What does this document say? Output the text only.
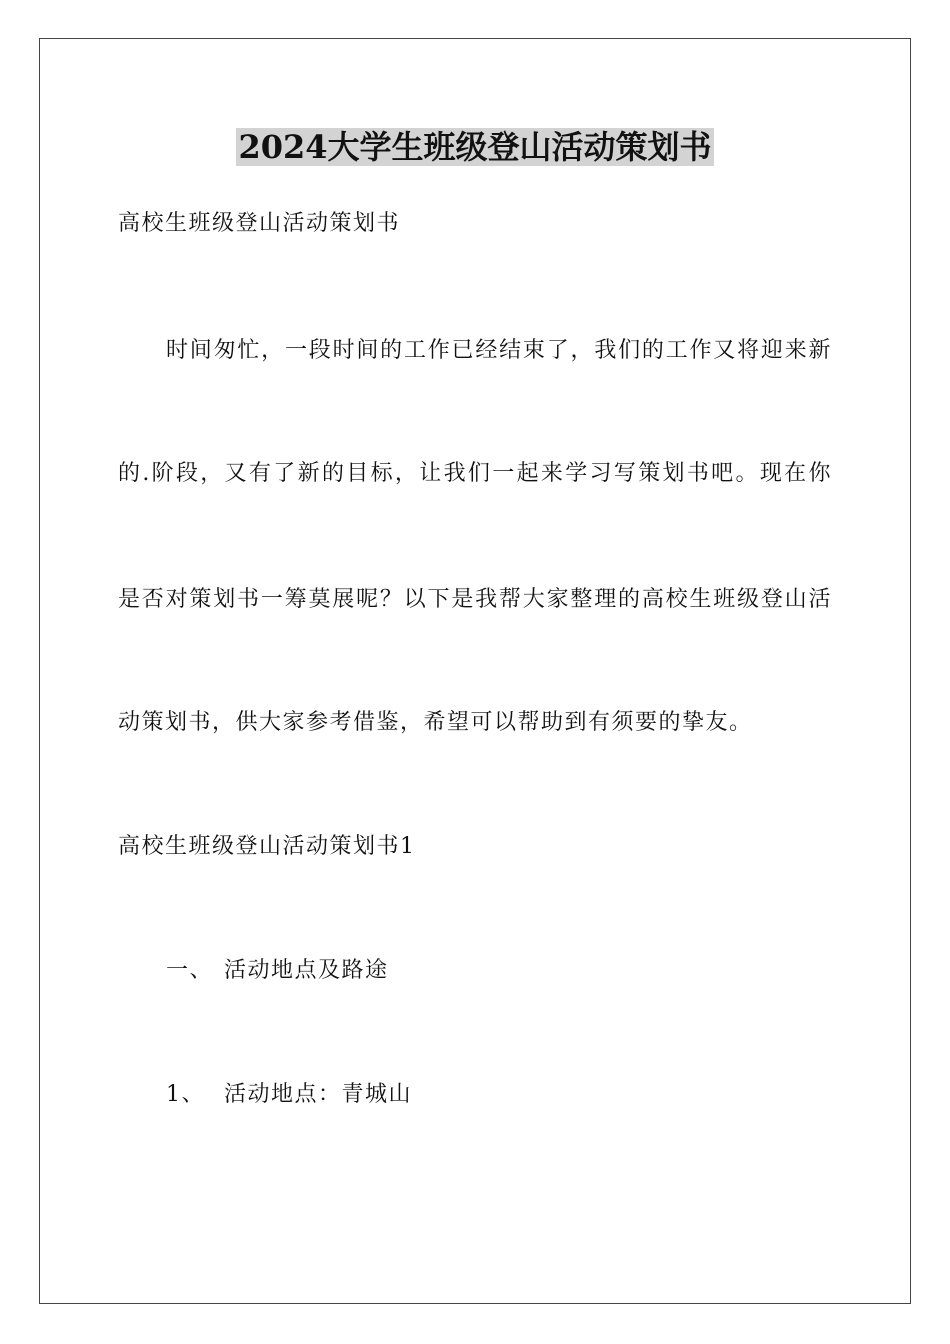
2024大学生班级登山活动策划书
高校生班级登山活动策划书
时间匆忙，一段时间的工作已经结束了，我们的工作又将迎来新
的.阶段，又有了新的目标，让我们一起来学习写策划书吧。现在你
是否对策划书一筹莫展呢？以下是我帮大家整理的高校生班级登山活
动策划书，供大家参考借鉴，希望可以帮助到有须要的挚友。
高校生班级登山活动策划书1
一、 活动地点及路途
1、 活动地点：青城山
